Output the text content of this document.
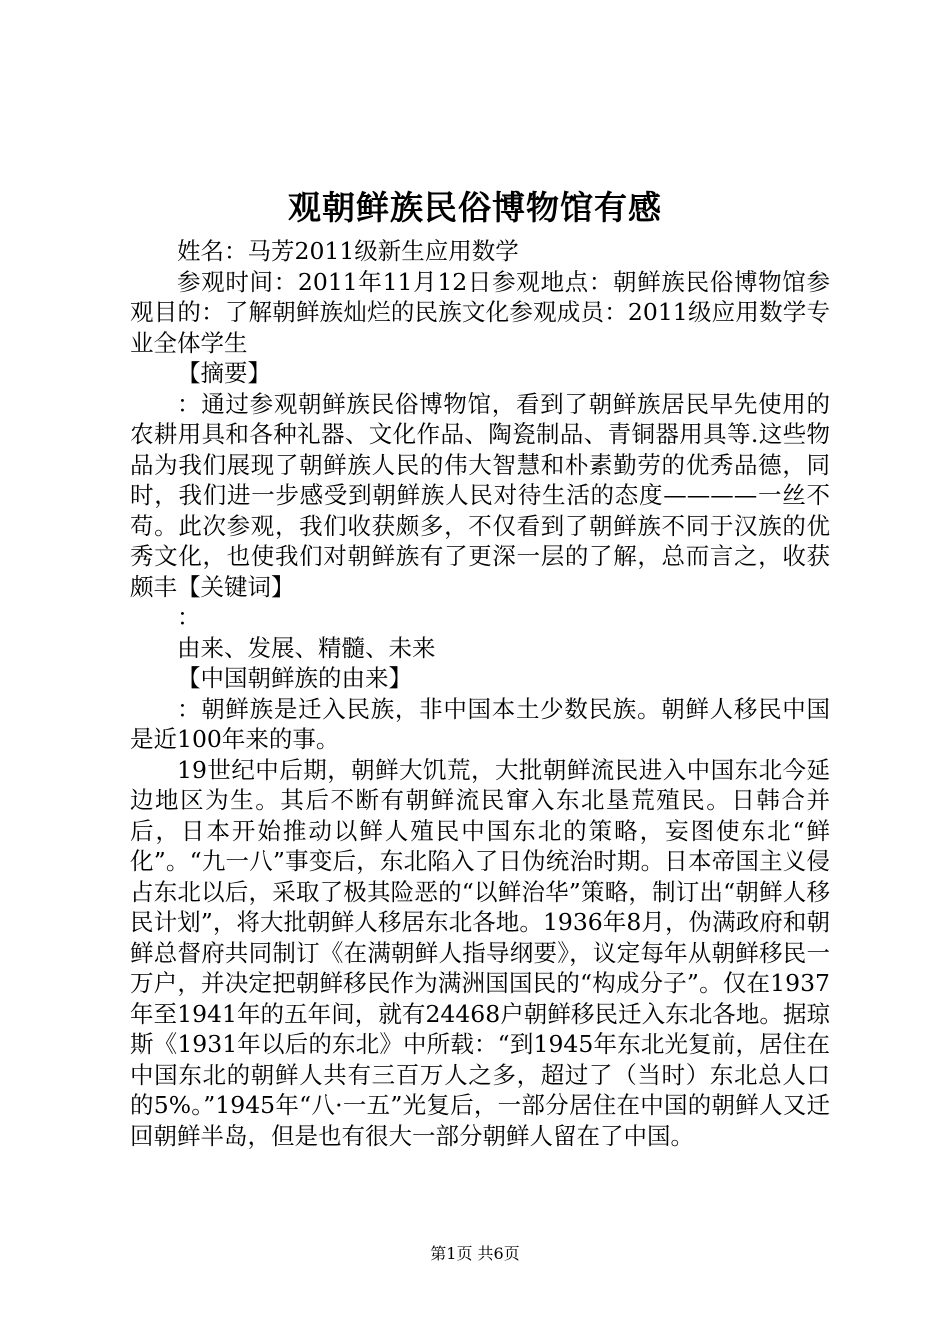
观朝鲜族民俗博物馆有感

姓名：马芳2011级新生应用数学

参观时间：2011年11月12日参观地点：朝鲜族民俗博物馆参观目的：了解朝鲜族灿烂的民族文化参观成员：2011级应用数学专业全体学生

【摘要】

：通过参观朝鲜族民俗博物馆，看到了朝鲜族居民早先使用的农耕用具和各种礼器、文化作品、陶瓷制品、青铜器用具等.这些物品为我们展现了朝鲜族人民的伟大智慧和朴素勤劳的优秀品德，同时，我们进一步感受到朝鲜族人民对待生活的态度————一丝不苟。此次参观，我们收获颇多，不仅看到了朝鲜族不同于汉族的优秀文化，也使我们对朝鲜族有了更深一层的了解，总而言之，收获颇丰【关键词】

：

由来、发展、精髓、未来

【中国朝鲜族的由来】

：朝鲜族是迁入民族，非中国本土少数民族。朝鲜人移民中国是近100年来的事。

19世纪中后期，朝鲜大饥荒，大批朝鲜流民进入中国东北今延边地区为生。其后不断有朝鲜流民窜入东北垦荒殖民。日韩合并后，日本开始推动以鲜人殖民中国东北的策略，妄图使东北“鲜化”。“九一八”事变后，东北陷入了日伪统治时期。日本帝国主义侵占东北以后，采取了极其险恶的“以鲜治华”策略，制订出“朝鲜人移民计划”，将大批朝鲜人移居东北各地。1936年8月，伪满政府和朝鲜总督府共同制订《在满朝鲜人指导纲要》，议定每年从朝鲜移民一万户，并决定把朝鲜移民作为满洲国国民的“构成分子”。仅在1937年至1941年的五年间，就有24468户朝鲜移民迁入东北各地。据琼斯《1931年以后的东北》中所载：“到1945年东北光复前，居住在中国东北的朝鲜人共有三百万人之多，超过了（当时）东北总人口的5%。”1945年“八·一五”光复后，一部分居住在中国的朝鲜人又迁回朝鲜半岛，但是也有很大一部分朝鲜人留在了中国。

第1页 共6页
